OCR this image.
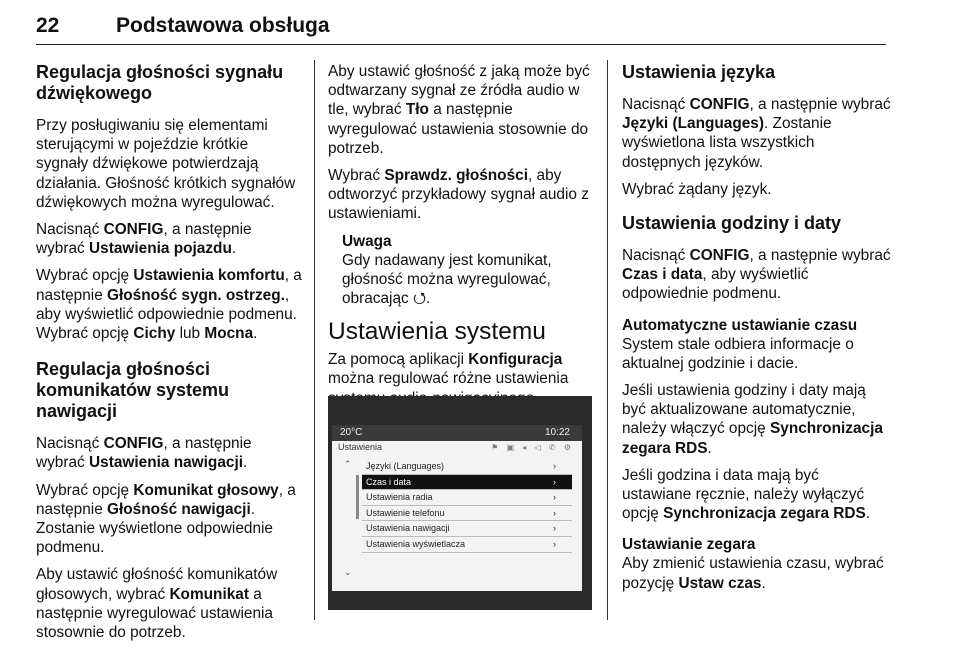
22	Podstawowa obsługa
Regulacja głośności sygnału dźwiękowego

Przy posługiwaniu się elementami sterującymi w pojeździe krótkie sygnały dźwiękowe potwierdzają działania. Głośność krótkich sygnałów dźwiękowych można wyregulować.

Nacisnąć CONFIG, a następnie wybrać Ustawienia pojazdu.

Wybrać opcję Ustawienia komfortu, a następnie Głośność sygn. ostrzeg., aby wyświetlić odpowiednie podmenu. Wybrać opcję Cichy lub Mocna.

Regulacja głośności komunikatów systemu nawigacji

Nacisnąć CONFIG, a następnie wybrać Ustawienia nawigacji.

Wybrać opcję Komunikat głosowy, a następnie Głośność nawigacji. Zostanie wyświetlone odpowiednie podmenu.

Aby ustawić głośność komunikatów głosowych, wybrać Komunikat a następnie wyregulować ustawienia stosownie do potrzeb.

Aby ustawić głośność z jaką może być odtwarzany sygnał ze źródła audio w tle, wybrać Tło a następnie wyregulować ustawienia stosownie do potrzeb.

Wybrać Sprawdz. głośności, aby odtworzyć przykładowy sygnał audio z ustawieniami.

Uwaga

Gdy nadawany jest komunikat, głośność można wyregulować, obracając ⭯.

Ustawienia systemu

Za pomocą aplikacji Konfiguracja można regulować różne ustawienia

20°C	10:22
Ustawienia	⚑ ▣ ◂ ◁ ✆ ⚙
⌃
⌄
Języki (Languages)	›
Czas i data	›
Ustawienia radia	›
Ustawienie telefonu	›
Ustawienia nawigacji	›
Ustawienia wyświetlacza	›
Ustawienia języka

Nacisnąć CONFIG, a następnie wybrać Języki (Languages). Zostanie wyświetlona lista wszystkich dostępnych języków.

Wybrać żądany język.

Ustawienia godziny i daty

Nacisnąć CONFIG, a następnie wybrać Czas i data, aby wyświetlić odpowiednie podmenu.

Automatyczne ustawianie czasu

System stale odbiera informacje o aktualnej godzinie i dacie.

Jeśli ustawienia godziny i daty mają być aktualizowane automatycznie, należy włączyć opcję Synchronizacja zegara RDS.

Jeśli godzina i data mają być ustawiane ręcznie, należy wyłączyć opcję Synchronizacja zegara RDS.

Ustawianie zegara

Aby zmienić ustawienia czasu, wybrać pozycję Ustaw czas.
